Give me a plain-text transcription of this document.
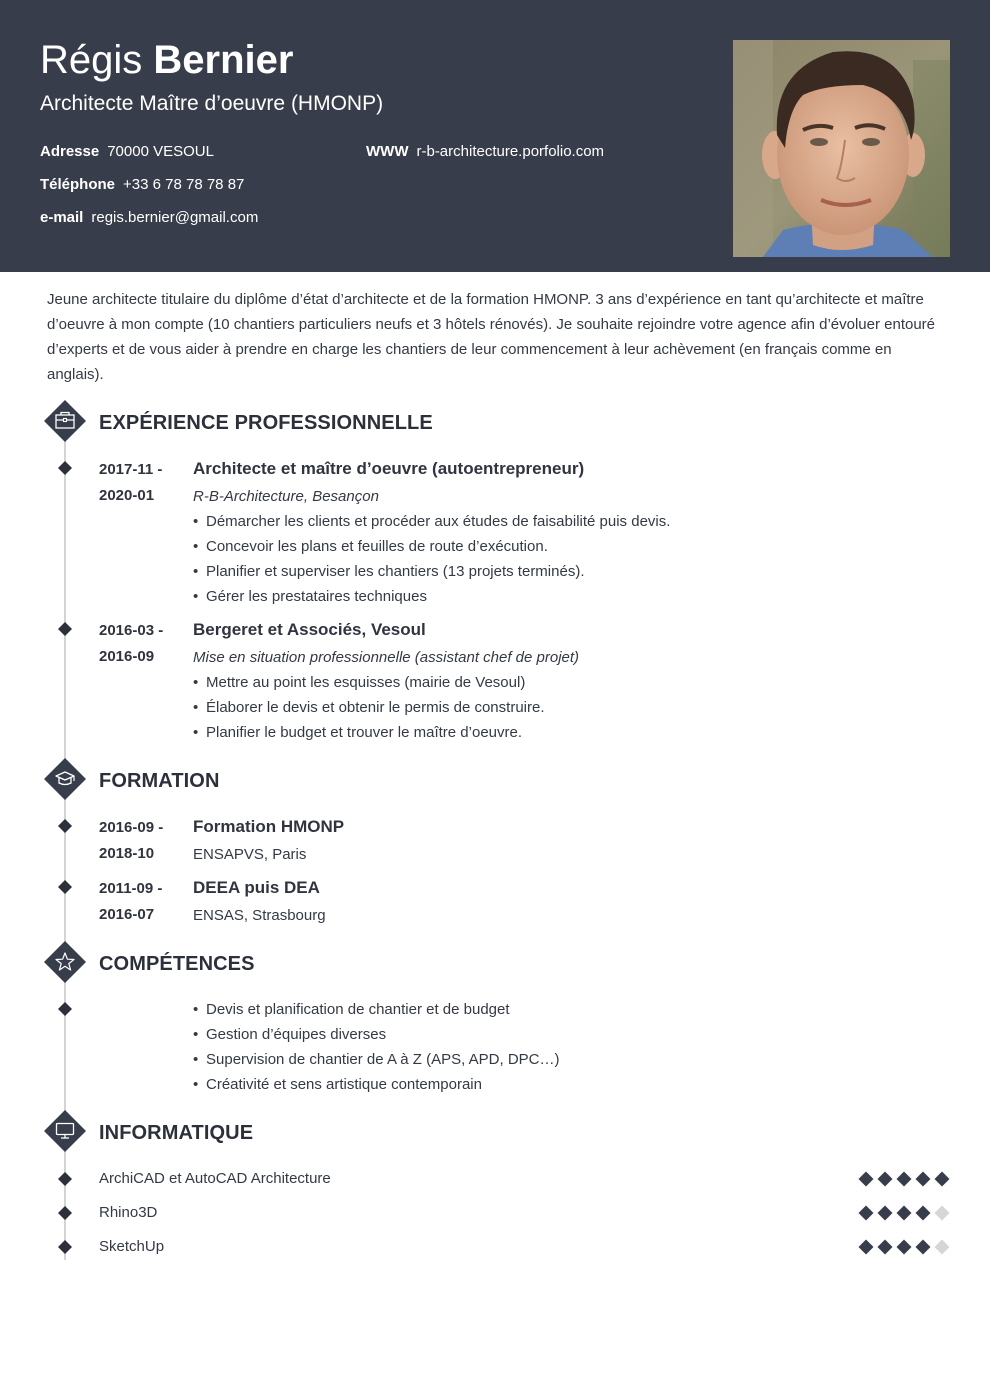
Régis Bernier
Architecte Maître d’oeuvre (HMONP)
Adresse 70000 VESOUL
Téléphone +33 6 78 78 78 87
e-mail regis.bernier@gmail.com
WWW r-b-architecture.porfolio.com

Jeune architecte titulaire du diplôme d’état d’architecte et de la formation HMONP. 3 ans d’expérience en tant qu’architecte et maître d’oeuvre à mon compte (10 chantiers particuliers neufs et 3 hôtels rénovés). Je souhaite rejoindre votre agence afin d’évoluer entouré d’experts et de vous aider à prendre en charge les chantiers de leur commencement à leur achèvement (en français comme en anglais).

EXPÉRIENCE PROFESSIONNELLE
2017-11 -
2020-01
Architecte et maître d’oeuvre (autoentrepreneur)
R-B-Architecture, Besançon
• Démarcher les clients et procéder aux études de faisabilité puis devis.
• Concevoir les plans et feuilles de route d’exécution.
• Planifier et superviser les chantiers (13 projets terminés).
• Gérer les prestataires techniques
2016-03 -
2016-09
Bergeret et Associés, Vesoul
Mise en situation professionnelle (assistant chef de projet)
• Mettre au point les esquisses (mairie de Vesoul)
• Élaborer le devis et obtenir le permis de construire.
• Planifier le budget et trouver le maître d’oeuvre.
FORMATION
2016-09 -
2018-10
Formation HMONP
ENSAPVS, Paris
2011-09 -
2016-07
DEEA puis DEA
ENSAS, Strasbourg
COMPÉTENCES
• Devis et planification de chantier et de budget
• Gestion d’équipes diverses
• Supervision de chantier de A à Z (APS, APD, DPC…)
• Créativité et sens artistique contemporain
INFORMATIQUE
ArchiCAD et AutoCAD Architecture
Rhino3D
SketchUp
